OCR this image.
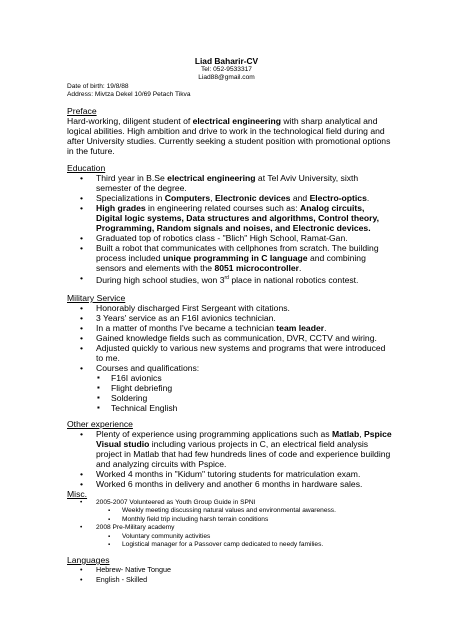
Liad Baharir-CV
Tel: 052-9533317
Liad88@gmail.com
Date of birth: 19/8/88
Address: Mivtza Dekel 10/69 Petach Tikva
Preface
Hard-working, diligent student of electrical engineering with sharp analytical and logical abilities. High ambition and drive to work in the technological field during and after University studies. Currently seeking a student position with promotional options in the future.
Education
• Third year in B.Se electrical engineering at Tel Aviv University, sixth semester of the degree.
• Specializations in Computers, Electronic devices and Electro-optics.
• High grades in engineering related courses such as: Analog circuits, Digital logic systems, Data structures and algorithms, Control theory, Programming, Random signals and noises, and Electronic devices.
• Graduated top of robotics class - "Blich" High School, Ramat-Gan.
• Built a robot that communicates with cellphones from scratch. The building process included unique programming in C language and combining sensors and elements with the 8051 microcontroller.
• During high school studies, won 3rd place in national robotics contest.
Military Service
• Honorably discharged First Sergeant with citations.
• 3 Years' service as an F16I avionics technician.
• In a matter of months I've became a technician team leader.
• Gained knowledge fields such as communication, DVR, CCTV and wiring.
• Adjusted quickly to various new systems and programs that were introduced to me.
• Courses and qualifications:
▪ F16I avionics
▪ Flight debriefing
▪ Soldering
▪ Technical English
Other experience
• Plenty of experience using programming applications such as Matlab, Pspice Visual studio including various projects in C, an electrical field analysis project in Matlab that had few hundreds lines of code and experience building and analyzing circuits with Pspice.
• Worked 4 months in "Kidum" tutoring students for matriculation exam.
• Worked 6 months in delivery and another 6 months in hardware sales.
Misc.
• 2005-2007 Volunteered as Youth Group Guide in SPNI
▪ Weekly meeting discussing natural values and environmental awareness.
▪ Monthly field trip including harsh terrain conditions
• 2008 Pre-Military academy
▪ Voluntary community activities
▪ Logistical manager for a Passover camp dedicated to needy families.
Languages
• Hebrew- Native Tongue
• English - Skilled
